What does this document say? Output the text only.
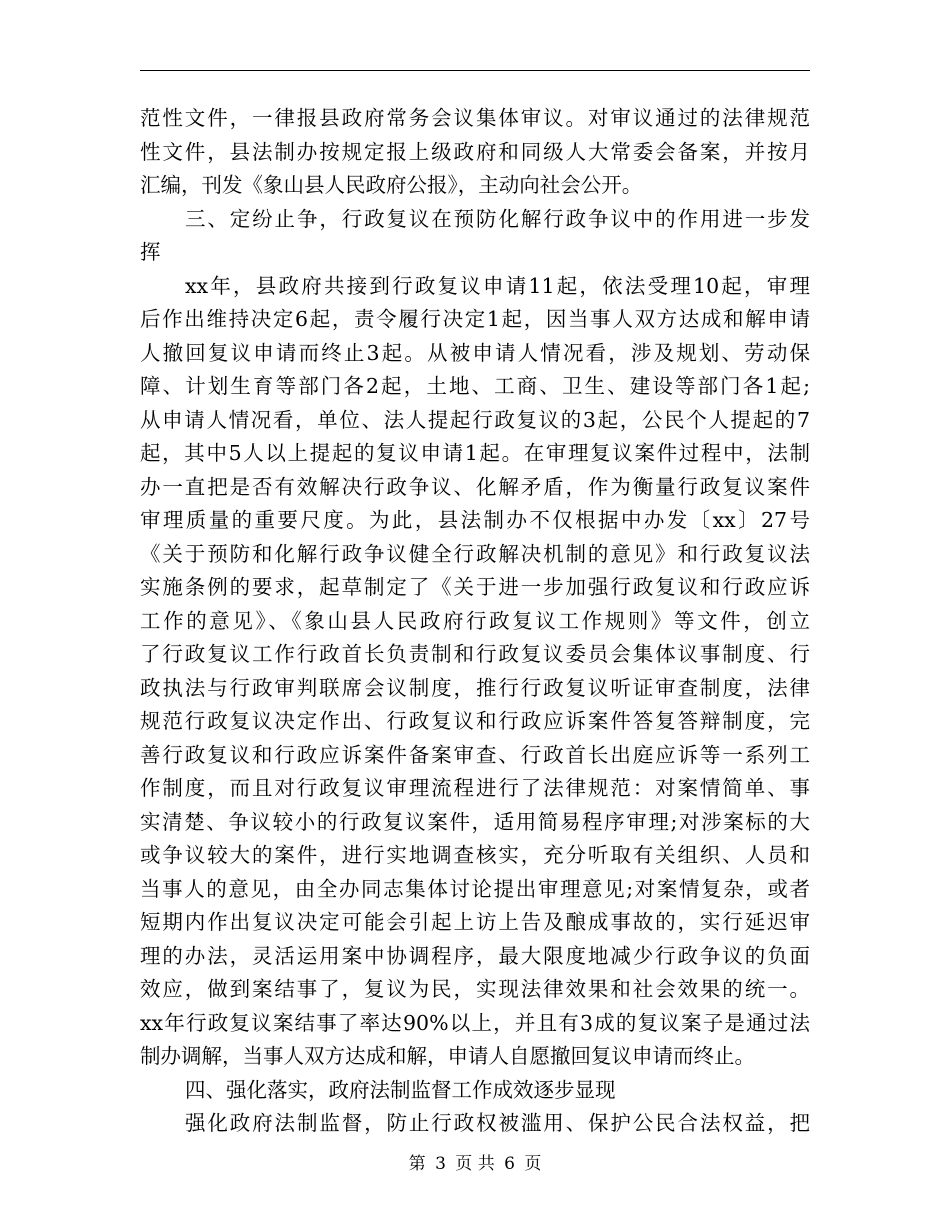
范性文件，一律报县政府常务会议集体审议。对审议通过的法律规范
性文件，县法制办按规定报上级政府和同级人大常委会备案，并按月
汇编，刊发《象山县人民政府公报》，主动向社会公开。
三、定纷止争，行政复议在预防化解行政争议中的作用进一步发
挥
xx年，县政府共接到行政复议申请11起，依法受理10起，审理
后作出维持决定6起，责令履行决定1起，因当事人双方达成和解申请
人撤回复议申请而终止3起。从被申请人情况看，涉及规划、劳动保
障、计划生育等部门各2起，土地、工商、卫生、建设等部门各1起;
从申请人情况看，单位、法人提起行政复议的3起，公民个人提起的7
起，其中5人以上提起的复议申请1起。在审理复议案件过程中，法制
办一直把是否有效解决行政争议、化解矛盾，作为衡量行政复议案件
审理质量的重要尺度。为此，县法制办不仅根据中办发〔xx〕27号
《关于预防和化解行政争议健全行政解决机制的意见》和行政复议法
实施条例的要求，起草制定了《关于进一步加强行政复议和行政应诉
工作的意见》、《象山县人民政府行政复议工作规则》等文件，创立
了行政复议工作行政首长负责制和行政复议委员会集体议事制度、行
政执法与行政审判联席会议制度，推行行政复议听证审查制度，法律
规范行政复议决定作出、行政复议和行政应诉案件答复答辩制度，完
善行政复议和行政应诉案件备案审查、行政首长出庭应诉等一系列工
作制度，而且对行政复议审理流程进行了法律规范：对案情简单、事
实清楚、争议较小的行政复议案件，适用简易程序审理;对涉案标的大
或争议较大的案件，进行实地调查核实，充分听取有关组织、人员和
当事人的意见，由全办同志集体讨论提出审理意见;对案情复杂，或者
短期内作出复议决定可能会引起上访上告及酿成事故的，实行延迟审
理的办法，灵活运用案中协调程序，最大限度地减少行政争议的负面
效应，做到案结事了，复议为民，实现法律效果和社会效果的统一。
xx年行政复议案结事了率达90%以上，并且有3成的复议案子是通过法
制办调解，当事人双方达成和解，申请人自愿撤回复议申请而终止。
四、强化落实，政府法制监督工作成效逐步显现
强化政府法制监督，防止行政权被滥用、保护公民合法权益，把
第 3 页 共 6 页
